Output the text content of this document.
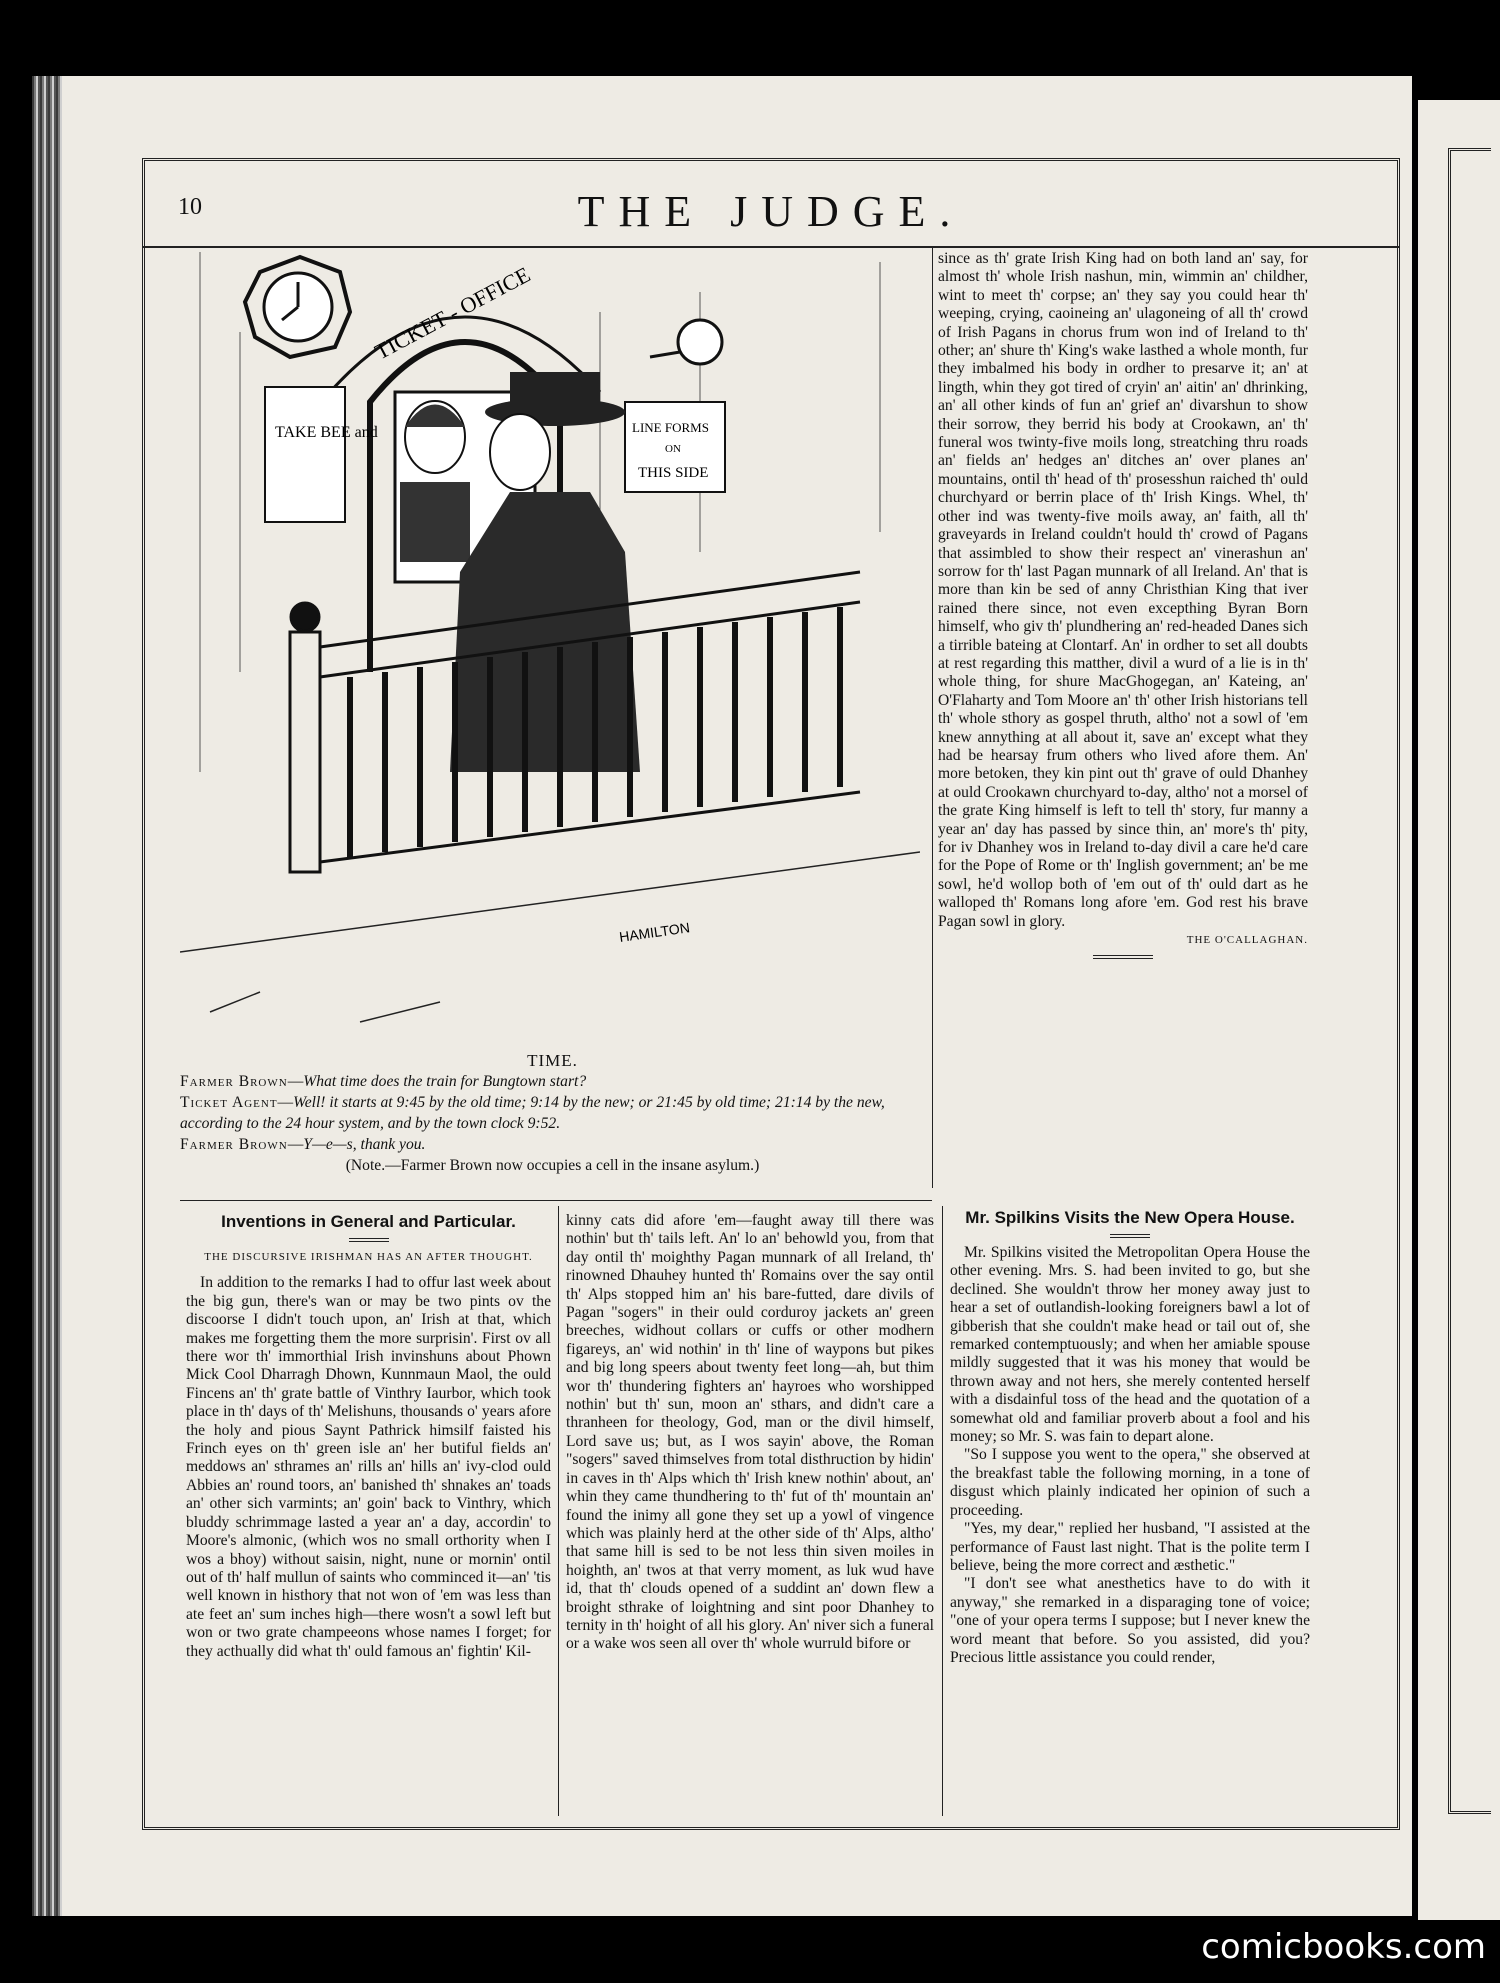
10	THE JUDGE.
TICKET - OFFICE
TAKE BEE and	LINE FORMS
ON
THIS SIDE
HAMILTON
TIME.

Farmer Brown—What time does the train for Bungtown start?

Ticket Agent—Well! it starts at 9:45 by the old time; 9:14 by the new; or 21:45 by old time; 21:14 by the new, according to the 24 hour system, and by the town clock 9:52.

Farmer Brown—Y—e—s, thank you.

(Note.—Farmer Brown now occupies a cell in the insane asylum.)

since as th' grate Irish King had on both land an' say, for almost th' whole Irish nashun, min, wimmin an' childher, wint to meet th' corpse; an' they say you could hear th' weeping, crying, caoineing an' ulagoneing of all th' crowd of Irish Pagans in chorus frum won ind of Ireland to th' other; an' shure th' King's wake lasthed a whole month, fur they imbalmed his body in ordher to presarve it; an' at lingth, whin they got tired of cryin' an' aitin' an' dhrinking, an' all other kinds of fun an' grief an' divarshun to show their sorrow, they berrid his body at Crookawn, an' th' funeral wos twinty-five moils long, streatching thru roads an' fields an' hedges an' ditches an' over planes an' mountains, ontil th' head of th' prosesshun raiched th' ould churchyard or berrin place of th' Irish Kings. Whel, th' other ind was twenty-five moils away, an' faith, all th' graveyards in Ireland couldn't hould th' crowd of Pagans that assimbled to show their respect an' vinerashun an' sorrow for th' last Pagan munnark of all Ireland. An' that is more than kin be sed of anny Christhian King that iver rained there since, not even excepthing Byran Born himself, who giv th' plundhering an' red-headed Danes sich a tirrible bateing at Clontarf. An' in ordher to set all doubts at rest regarding this matther, divil a wurd of a lie is in th' whole thing, for shure MacGhogegan, an' Kateing, an' O'Flaharty and Tom Moore an' th' other Irish historians tell th' whole sthory as gospel thruth, altho' not a sowl of 'em knew annything at all about it, save an' except what they had be hearsay frum others who lived afore them. An' more betoken, they kin pint out th' grave of ould Dhanhey at ould Crookawn churchyard to-day, altho' not a morsel of the grate King himself is left to tell th' story, fur manny a year an' day has passed by since thin, an' more's th' pity, for iv Dhanhey wos in Ireland to-day divil a care he'd care for the Pope of Rome or th' Inglish government; an' be me sowl, he'd wollop both of 'em out of th' ould dart as he walloped th' Romans long afore 'em. God rest his brave Pagan sowl in glory.

THE O'CALLAGHAN.
Inventions in General and Particular.
THE DISCURSIVE IRISHMAN HAS AN AFTER THOUGHT.

In addition to the remarks I had to offur last week about the big gun, there's wan or may be two pints ov the discoorse I didn't touch upon, an' Irish at that, which makes me forgetting them the more surprisin'. First ov all there wor th' immorthial Irish invinshuns about Phown Mick Cool Dharragh Dhown, Kunnmaun Maol, the ould Fincens an' th' grate battle of Vinthry Iaurbor, which took place in th' days of th' Melishuns, thousands o' years afore the holy and pious Saynt Pathrick himsilf faisted his Frinch eyes on th' green isle an' her butiful fields an' meddows an' sthrames an' rills an' hills an' ivy-clod ould Abbies an' round toors, an' banished th' shnakes an' toads an' other sich varmints; an' goin' back to Vinthry, which bluddy schrimmage lasted a year an' a day, accordin' to Moore's almonic, (which wos no small orthority when I wos a bhoy) without saisin, night, nune or mornin' ontil out of th' half mullun of saints who comminced it—an' 'tis well known in histhory that not won of 'em was less than ate feet an' sum inches high—there wosn't a sowl left but won or two grate champeeons whose names I forget; for they acthually did what th' ould famous an' fightin' Kil-

kinny cats did afore 'em—faught away till there was nothin' but th' tails left. An' lo an' behowld you, from that day ontil th' moighthy Pagan munnark of all Ireland, th' rinowned Dhauhey hunted th' Romains over the say ontil th' Alps stopped him an' his bare-futted, dare divils of Pagan "sogers" in their ould corduroy jackets an' green breeches, widhout collars or cuffs or other modhern figareys, an' wid nothin' in th' line of waypons but pikes and big long speers about twenty feet long—ah, but thim wor th' thundering fighters an' hayroes who worshipped nothin' but th' sun, moon an' sthars, and didn't care a thranheen for theology, God, man or the divil himself, Lord save us; but, as I wos sayin' above, the Roman "sogers" saved thimselves from total disthruction by hidin' in caves in th' Alps which th' Irish knew nothin' about, an' whin they came thundhering to th' fut of th' mountain an' found the inimy all gone they set up a yowl of vingence which was plainly herd at the other side of th' Alps, altho' that same hill is sed to be not less thin siven moiles in hoighth, an' twos at that verry moment, as luk wud have id, that th' clouds opened of a suddint an' down flew a broight sthrake of loightning and sint poor Dhanhey to ternity in th' hoight of all his glory. An' niver sich a funeral or a wake wos seen all over th' whole wurruld bifore or

Mr. Spilkins Visits the New Opera House.

Mr. Spilkins visited the Metropolitan Opera House the other evening. Mrs. S. had been invited to go, but she declined. She wouldn't throw her money away just to hear a set of outlandish-looking foreigners bawl a lot of gibberish that she couldn't make head or tail out of, she remarked contemptuously; and when her amiable spouse mildly suggested that it was his money that would be thrown away and not hers, she merely contented herself with a disdainful toss of the head and the quotation of a somewhat old and familiar proverb about a fool and his money; so Mr. S. was fain to depart alone.

"So I suppose you went to the opera," she observed at the breakfast table the following morning, in a tone of disgust which plainly indicated her opinion of such a proceeding.

"Yes, my dear," replied her husband, "I assisted at the performance of Faust last night. That is the polite term I believe, being the more correct and æsthetic."

"I don't see what anesthetics have to do with it anyway," she remarked in a disparaging tone of voice; "one of your opera terms I suppose; but I never knew the word meant that before. So you assisted, did you? Precious little assistance you could render,

comicbooks.com
